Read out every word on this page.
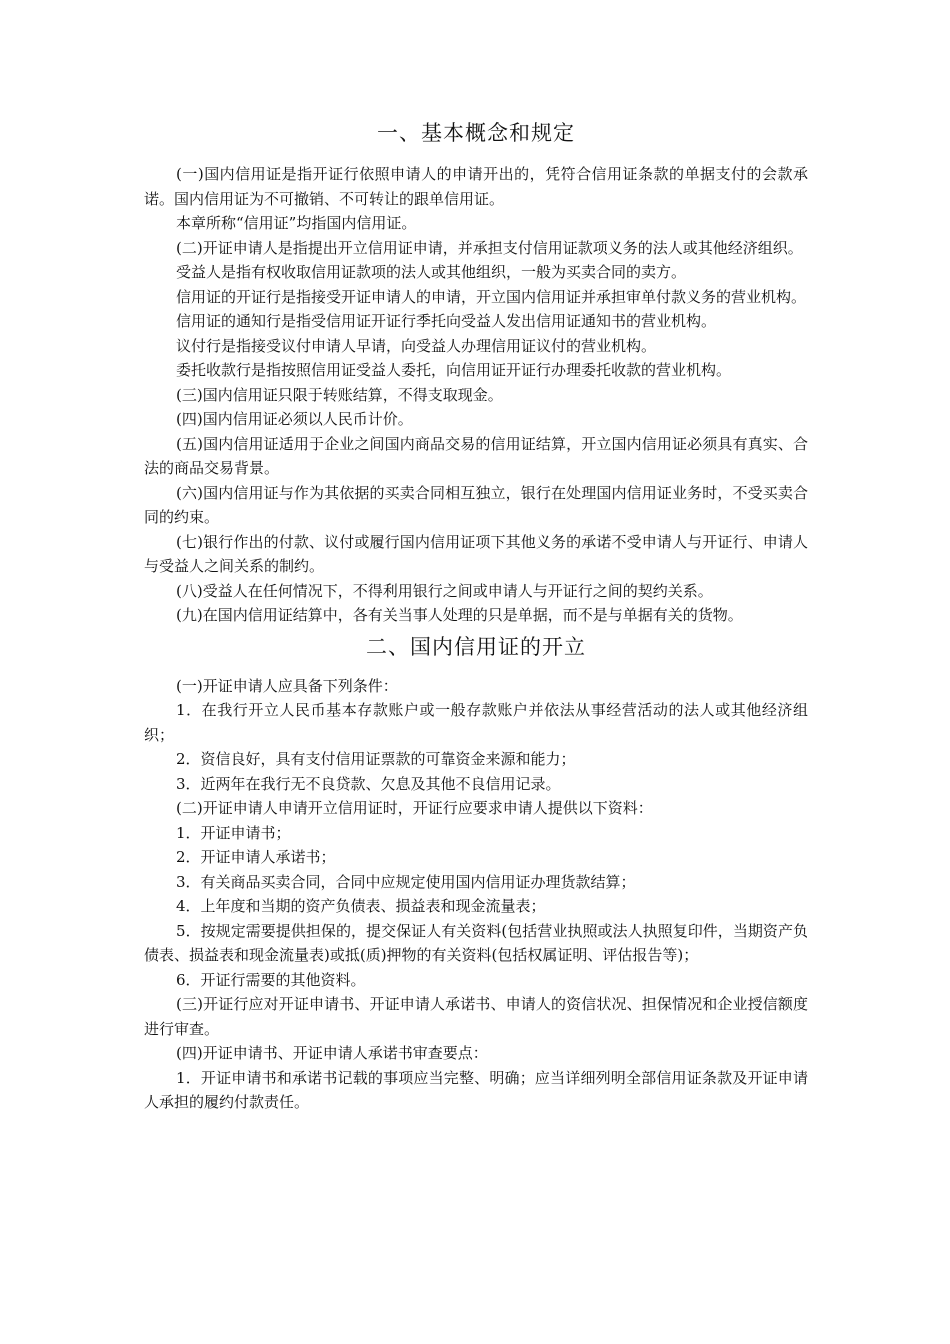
一、基本概念和规定

(一)国内信用证是指开证行依照申请人的申请开出的，凭符合信用证条款的单据支付的会款承诺。国内信用证为不可撤销、不可转让的跟单信用证。

本章所称“信用证”均指国内信用证。

(二)开证申请人是指提出开立信用证申请，并承担支付信用证款项义务的法人或其他经济组织。

受益人是指有权收取信用证款项的法人或其他组织，一般为买卖合同的卖方。

信用证的开证行是指接受开证申请人的申请，开立国内信用证并承担审单付款义务的营业机构。

信用证的通知行是指受信用证开证行季托向受益人发出信用证通知书的营业机构。

议付行是指接受议付申请人早请，向受益人办理信用证议付的营业机构。

委托收款行是指按照信用证受益人委托，向信用证开证行办理委托收款的营业机构。

(三)国内信用证只限于转账结算，不得支取现金。

(四)国内信用证必须以人民币计价。

(五)国内信用证适用于企业之间国内商品交易的信用证结算，开立国内信用证必须具有真实、合法的商品交易背景。

(六)国内信用证与作为其依据的买卖合同相互独立，银行在处理国内信用证业务时，不受买卖合同的约束。

(七)银行作出的付款、议付或履行国内信用证项下其他义务的承诺不受申请人与开证行、申请人与受益人之间关系的制约。

(八)受益人在任何情况下，不得利用银行之间或申请人与开证行之间的契约关系。

(九)在国内信用证结算中，各有关当事人处理的只是单据，而不是与单据有关的货物。

二、国内信用证的开立

(一)开证申请人应具备下列条件：

1．在我行开立人民币基本存款账户或一般存款账户并依法从事经营活动的法人或其他经济组织；

2．资信良好，具有支付信用证票款的可靠资金来源和能力；

3．近两年在我行无不良贷款、欠息及其他不良信用记录。

(二)开证申请人申请开立信用证时，开证行应要求申请人提供以下资料：

1．开证申请书；

2．开证申请人承诺书；

3．有关商品买卖合同，合同中应规定使用国内信用证办理货款结算；

4．上年度和当期的资产负债表、损益表和现金流量表；

5．按规定需要提供担保的，提交保证人有关资料(包括营业执照或法人执照复印件，当期资产负债表、损益表和现金流量表)或抵(质)押物的有关资料(包括权属证明、评估报告等)；

6．开证行需要的其他资料。

(三)开证行应对开证申请书、开证申请人承诺书、申请人的资信状况、担保情况和企业授信额度进行审查。

(四)开证申请书、开证申请人承诺书审查要点：

1．开证申请书和承诺书记载的事项应当完整、明确；应当详细列明全部信用证条款及开证申请人承担的履约付款责任。
